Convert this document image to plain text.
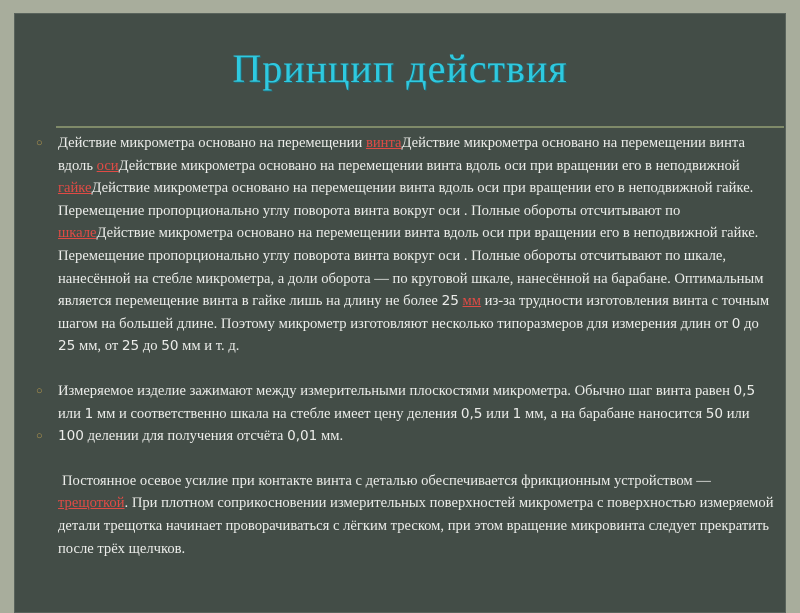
Принцип действия

○ Действие микрометра основано на перемещении винтаДействие микрометра основано на перемещении винта вдоль осиДействие микрометра основано на перемещении винта вдоль оси при вращении его в неподвижной гайкеДействие микрометра основано на перемещении винта вдоль оси при вращении его в неподвижной гайке. Перемещение пропорционально углу поворота винта вокруг оси . Полные обороты отсчитывают по шкалеДействие микрометра основано на перемещении винта вдоль оси при вращении его в неподвижной гайке. Перемещение пропорционально углу поворота винта вокруг оси . Полные обороты отсчитывают по шкале, нанесённой на стебле микрометра, а доли оборота — по круговой шкале, нанесённой на барабане. Оптимальным является перемещение винта в гайке лишь на длину не более 25 мм из-за трудности изготовления винта с точным шагом на большей длине. Поэтому микрометр изготовляют несколько типоразмеров для измерения длин от 0 до 25 мм, от 25 до 50 мм и т. д.

○ Измеряемое изделие зажимают между измерительными плоскостями микрометра. Обычно шаг винта равен 0,5 или 1 мм и соответственно шкала на стебле имеет цену деления 0,5 или 1 мм, а на барабане наносится 50 или

○ 100 делении для получения отсчёта 0,01 мм.

Постоянное осевое усилие при контакте винта с деталью обеспечивается фрикционным устройством — трещоткой. При плотном соприкосновении измерительных поверхностей микрометра с поверхностью измеряемой детали трещотка начинает проворачиваться с лёгким треском, при этом вращение микровинта следует прекратить после трёх щелчков.
